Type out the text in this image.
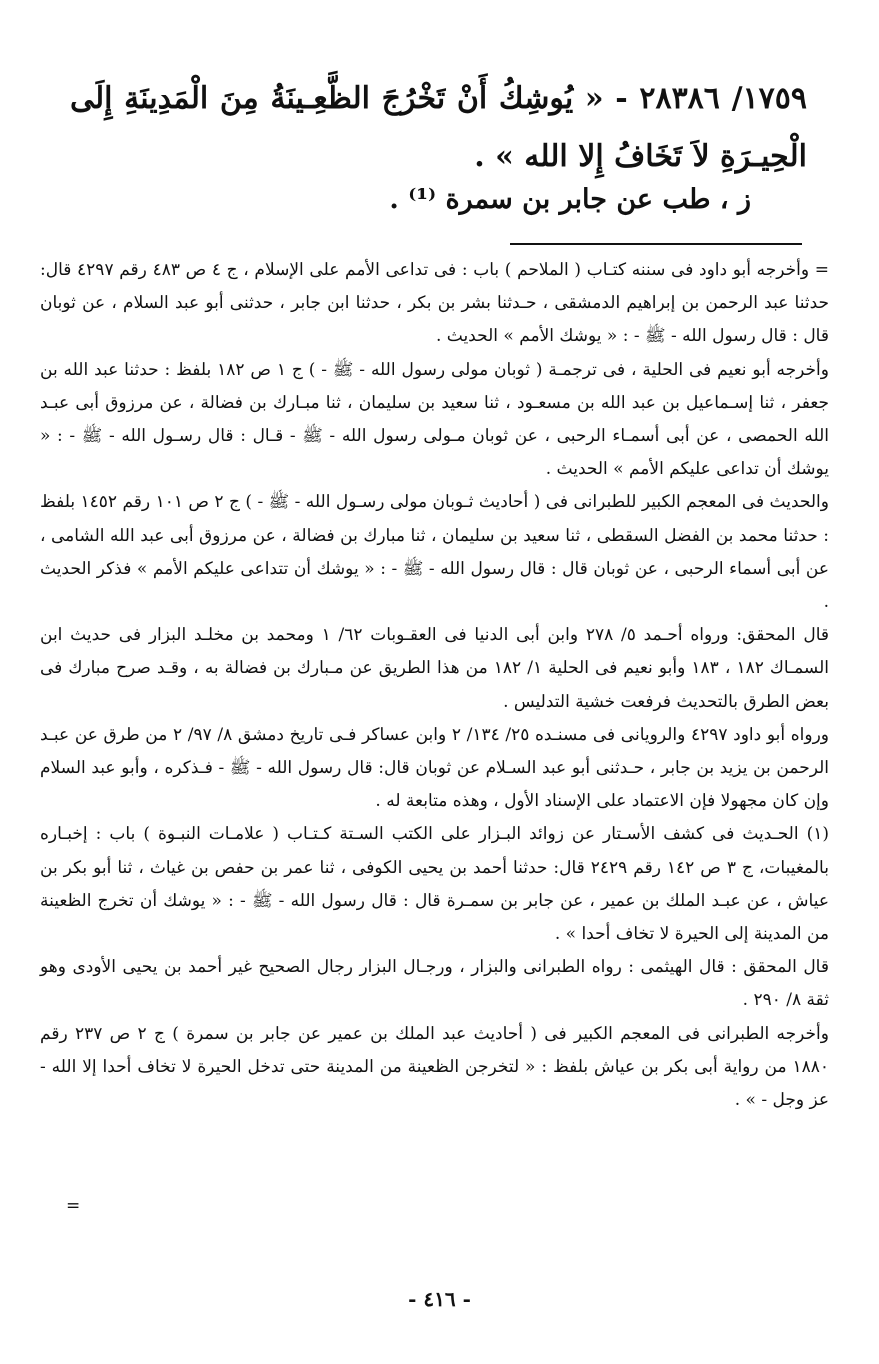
١٧٥٩/ ٢٨٣٨٦ - « يُوشِكُ أَنْ تَخْرُجَ الظَّعِـينَةُ مِنَ الْمَدِينَةِ إِلَى الْحِيـرَةِ لاَ تَخَافُ إِلا الله » .
ز ، طب عن جابر بن سمرة ⁽¹⁾ .

= وأخرجه أبو داود فى سننه كتـاب ( الملاحم ) باب : فى تداعى الأمم على الإسلام ، ج ٤ ص ٤٨٣ رقم ٤٢٩٧ قال: حدثنا عبد الرحمن بن إبراهيم الدمشقى ، حـدثنا بشر بن بكر ، حدثنا ابن جابر ، حدثنى أبو عبد السلام ، عن ثوبان قال : قال رسول الله - ﷺ - : « يوشك الأمم » الحديث .

وأخرجه أبو نعيم فى الحلية ، فى ترجمـة ( ثوبان مولى رسول الله - ﷺ - ) ج ١ ص ١٨٢ بلفظ : حدثنا عبد الله بن جعفر ، ثنا إسـماعيل بن عبد الله بن مسعـود ، ثنا سعيد بن سليمان ، ثنا مبـارك بن فضالة ، عن مرزوق أبى عبـد الله الحمصى ، عن أبى أسمـاء الرحبى ، عن ثوبان مـولى رسول الله - ﷺ - قـال : قال رسـول الله - ﷺ - : « يوشك أن تداعى عليكم الأمم » الحديث .

والحديث فى المعجم الكبير للطبرانى فى ( أحاديث ثـوبان مولى رسـول الله - ﷺ - ) ج ٢ ص ١٠١ رقم ١٤٥٢ بلفظ : حدثنا محمد بن الفضل السقطى ، ثنا سعيد بن سليمان ، ثنا مبارك بن فضالة ، عن مرزوق أبى عبد الله الشامى ، عن أبى أسماء الرحبى ، عن ثوبان قال : قال رسول الله - ﷺ - : « يوشك أن تتداعى عليكم الأمم » فذكر الحديث .

قال المحقق: ورواه أحـمد ٥/ ٢٧٨ وابن أبى الدنيا فى العقـوبات ٦٢/ ١ ومحمد بن مخلـد البزار فى حديث ابن السمـاك ١٨٢ ، ١٨٣ وأبو نعيم فى الحلية ١/ ١٨٢ من هذا الطريق عن مـبارك بن فضالة به ، وقـد صرح مبارك فى بعض الطرق بالتحديث فرفعت خشية التدليس .

ورواه أبو داود ٤٢٩٧ والرويانى فى مسنـده ٢٥/ ١٣٤/ ٢ وابن عساكر فـى تاريخ دمشق ٨/ ٩٧/ ٢ من طرق عن عبـد الرحمن بن يزيد بن جابر ، حـدثنى أبو عبد السـلام عن ثوبان قال: قال رسول الله - ﷺ - فـذكره ، وأبو عبد السلام وإن كان مجهولا فإن الاعتماد على الإسناد الأول ، وهذه متابعة له .

(١) الحـديث فى كشف الأسـتار عن زوائد البـزار على الكتب السـتة كـتـاب ( علامـات النبـوة ) باب : إخبـاره بالمغيبات، ج ٣ ص ١٤٢ رقم ٢٤٢٩ قال: حدثنا أحمد بن يحيى الكوفى ، ثنا عمر بن حفص بن غياث ، ثنا أبو بكر بن عياش ، عن عبـد الملك بن عمير ، عن جابر بن سمـرة قال : قال رسول الله - ﷺ - : « يوشك أن تخرج الظعينة من المدينة إلى الحيرة لا تخاف أحدا » .

قال المحقق : قال الهيثمى : رواه الطبرانى والبزار ، ورجـال البزار رجال الصحيح غير أحمد بن يحيى الأودى وهو ثقة ٨/ ٢٩٠ .

وأخرجه الطبرانى فى المعجم الكبير فى ( أحاديث عبد الملك بن عمير عن جابر بن سمرة ) ج ٢ ص ٢٣٧ رقم ١٨٨٠ من رواية أبى بكر بن عياش بلفظ : « لتخرجن الظعينة من المدينة حتى تدخل الحيرة لا تخاف أحدا إلا الله - عز وجل - » .

=
- ٤١٦ -
